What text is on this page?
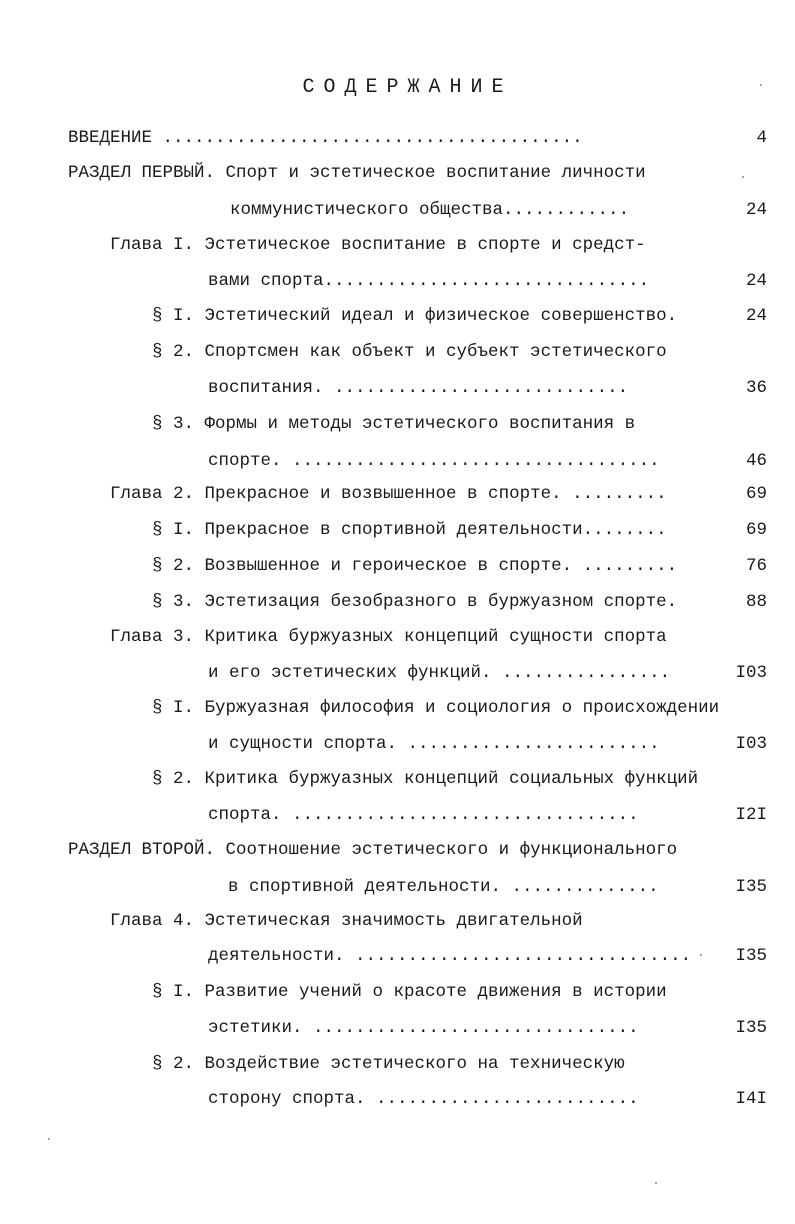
СОДЕРЖАНИЕ
ВВЕДЕНИЕ ........................................	4
РАЗДЕЛ ПЕРВЫЙ. Спорт и эстетическое воспитание личности
коммунистического общества............	24
Глава I. Эстетическое воспитание в спорте и средст-
вами спорта...............................	24
§ I. Эстетический идеал и физическое совершенство.	24
§ 2. Спортсмен как объект и субъект эстетического
воспитания. ............................	36
§ 3. Формы и методы эстетического воспитания в
спорте. ...................................	46
Глава 2. Прекрасное и возвышенное в спорте. .........	69
§ I. Прекрасное в спортивной деятельности........	69
§ 2. Возвышенное и героическое в спорте. .........	76
§ 3. Эстетизация безобразного в буржуазном спорте.	88
Глава 3. Критика буржуазных концепций сущности спорта
и его эстетических функций. ................	I03
§ I. Буржуазная философия и социология о происхождении
и сущности спорта. ........................	I03
§ 2. Критика буржуазных концепций социальных функций
спорта. .................................	I2I
РАЗДЕЛ ВТОРОЙ. Соотношение эстетического и функционального
в спортивной деятельности. ..............	I35
Глава 4. Эстетическая значимость двигательной
деятельности. ................................	I35
§ I. Развитие учений о красоте движения в истории
эстетики. ...............................	I35
§ 2. Воздействие эстетического на техническую
сторону спорта. .........................	I4I
